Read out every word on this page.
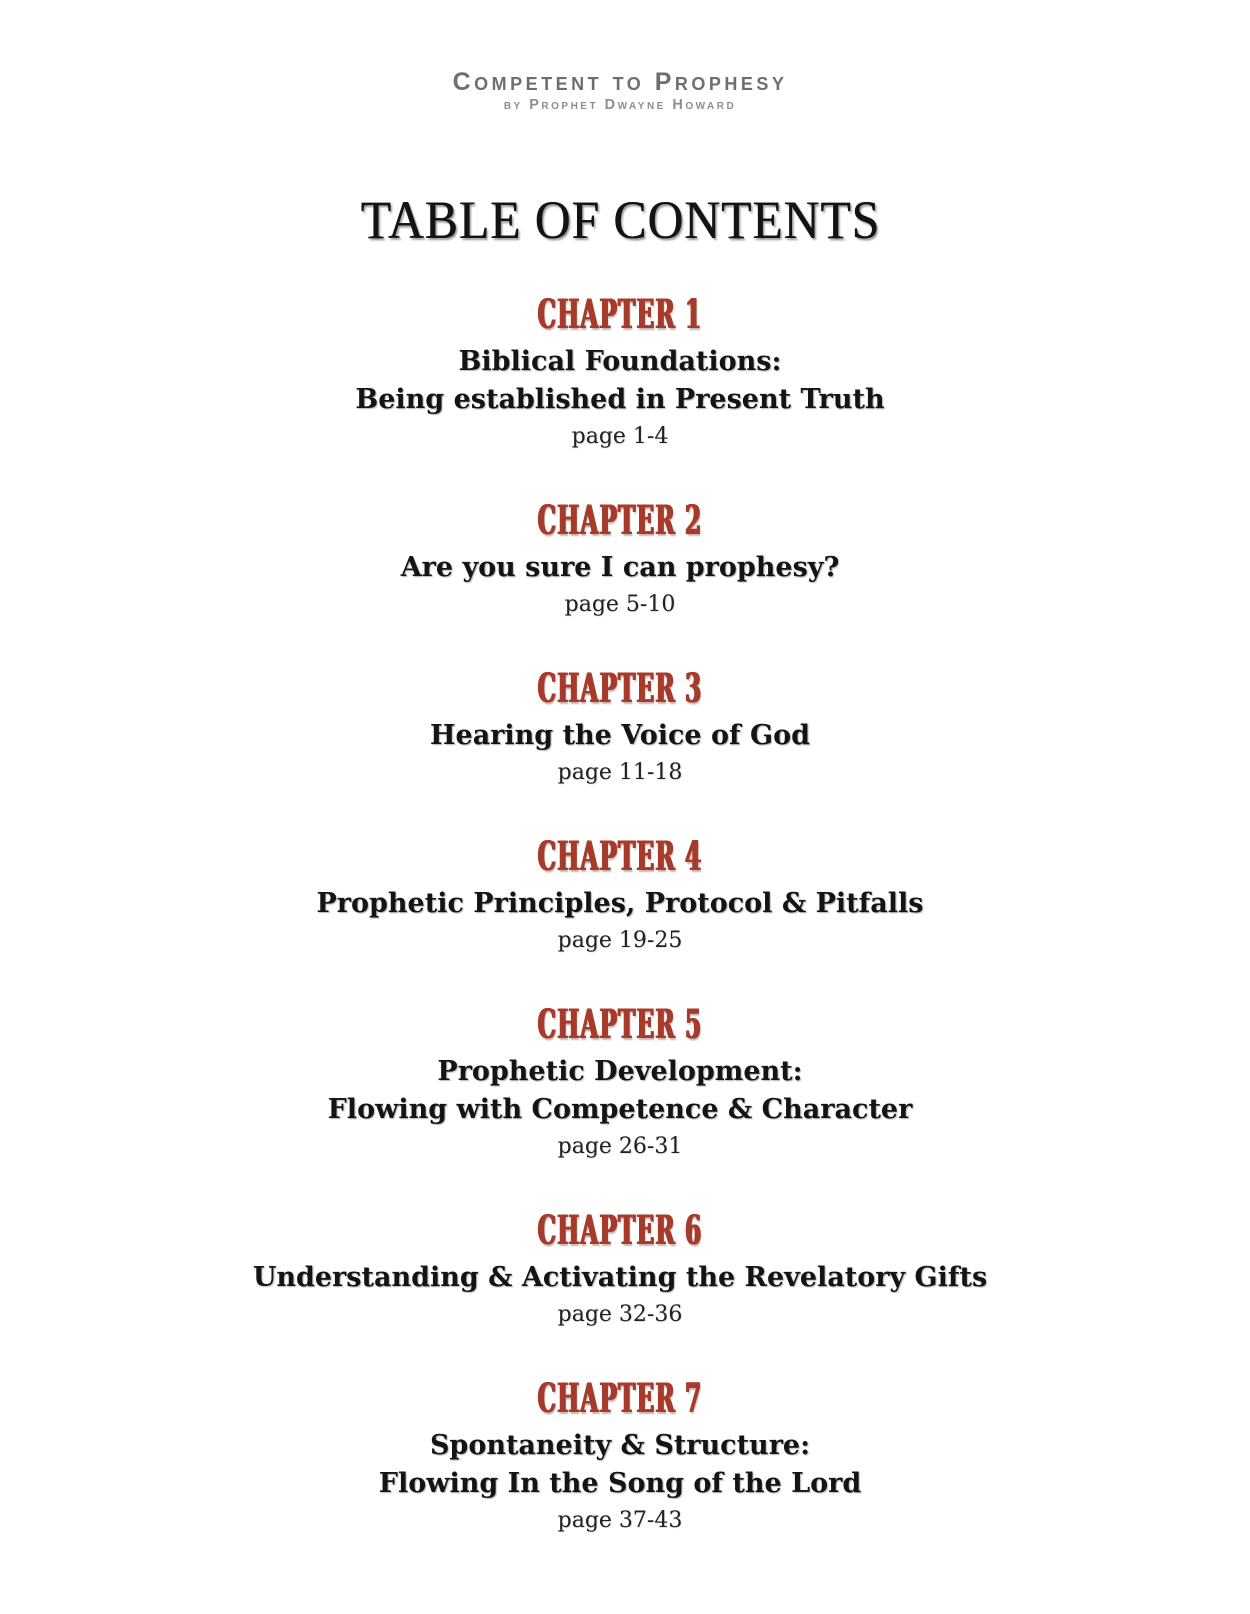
Competent to Prophesy
by Prophet Dwayne Howard
TABLE OF CONTENTS
CHAPTER 1
Biblical Foundations:
Being established in Present Truth
page 1-4
CHAPTER 2
Are you sure I can prophesy?
page 5-10
CHAPTER 3
Hearing the Voice of God
page 11-18
CHAPTER 4
Prophetic Principles, Protocol & Pitfalls
page 19-25
CHAPTER 5
Prophetic Development:
Flowing with Competence & Character
page 26-31
CHAPTER 6
Understanding & Activating the Revelatory Gifts
page 32-36
CHAPTER 7
Spontaneity & Structure:
Flowing In the Song of the Lord
page 37-43
